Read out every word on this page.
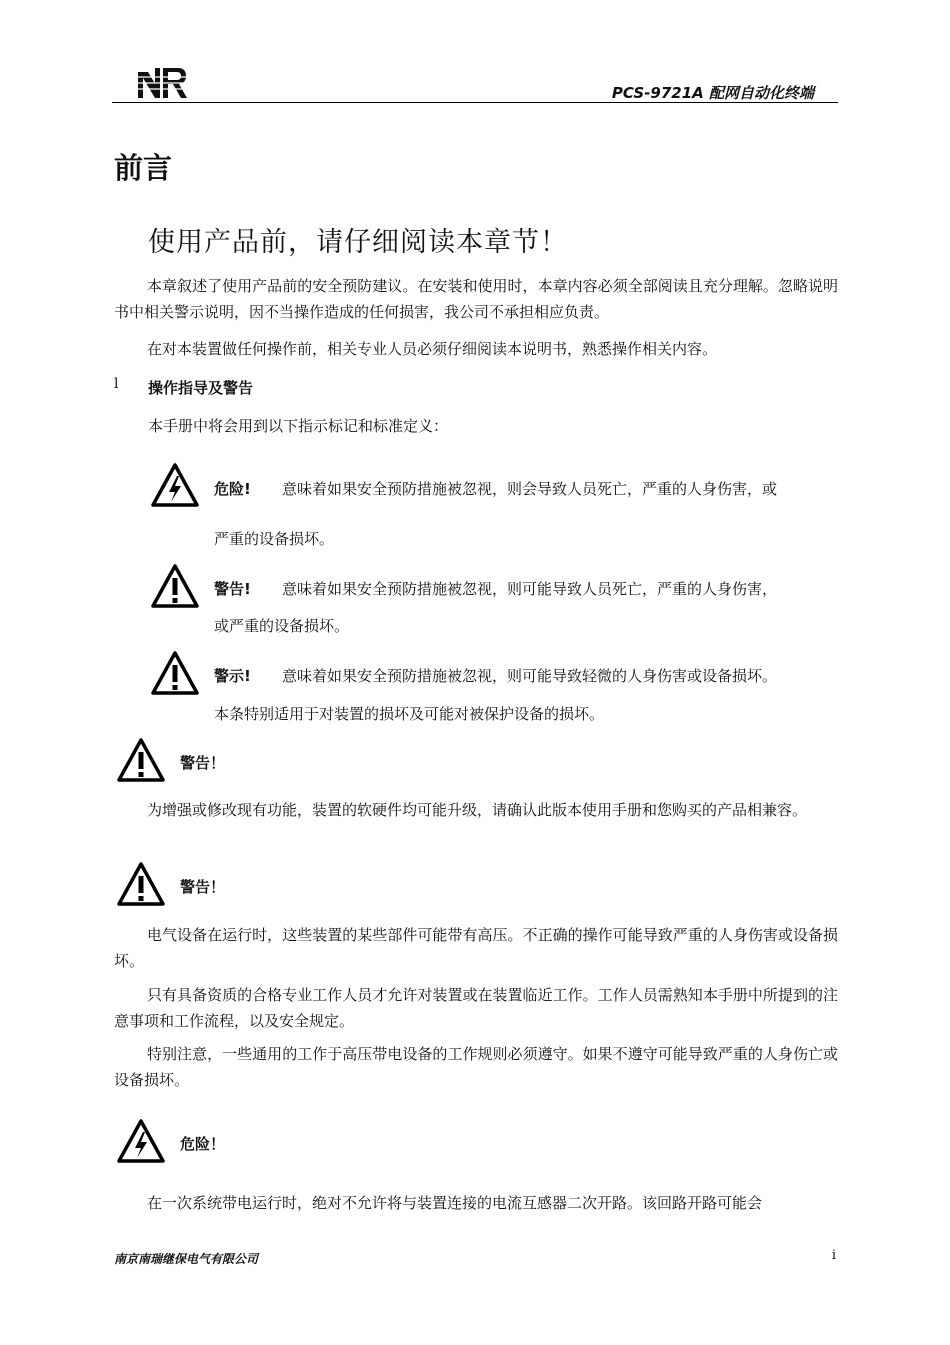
PCS-9721A 配网自动化终端
前言
使用产品前，请仔细阅读本章节！
本章叙述了使用产品前的安全预防建议。在安装和使用时，本章内容必须全部阅读且充分理解。忽略说明书中相关警示说明，因不当操作造成的任何损害，我公司不承担相应负责。
在对本装置做任何操作前，相关专业人员必须仔细阅读本说明书，熟悉操作相关内容。
l 操作指导及警告
本手册中将会用到以下指示标记和标准定义：
危险! 意味着如果安全预防措施被忽视，则会导致人员死亡，严重的人身伤害，或
严重的设备损坏。
警告! 意味着如果安全预防措施被忽视，则可能导致人员死亡，严重的人身伤害，
或严重的设备损坏。
警示! 意味着如果安全预防措施被忽视，则可能导致轻微的人身伤害或设备损坏。
本条特别适用于对装置的损坏及可能对被保护设备的损坏。
警告！
为增强或修改现有功能，装置的软硬件均可能升级，请确认此版本使用手册和您购买的产品相兼容。
警告！
电气设备在运行时，这些装置的某些部件可能带有高压。不正确的操作可能导致严重的人身伤害或设备损坏。
只有具备资质的合格专业工作人员才允许对装置或在装置临近工作。工作人员需熟知本手册中所提到的注意事项和工作流程，以及安全规定。
特别注意，一些通用的工作于高压带电设备的工作规则必须遵守。如果不遵守可能导致严重的人身伤亡或设备损坏。
危险！
在一次系统带电运行时，绝对不允许将与装置连接的电流互感器二次开路。该回路开路可能会
南京南瑞继保电气有限公司	i
